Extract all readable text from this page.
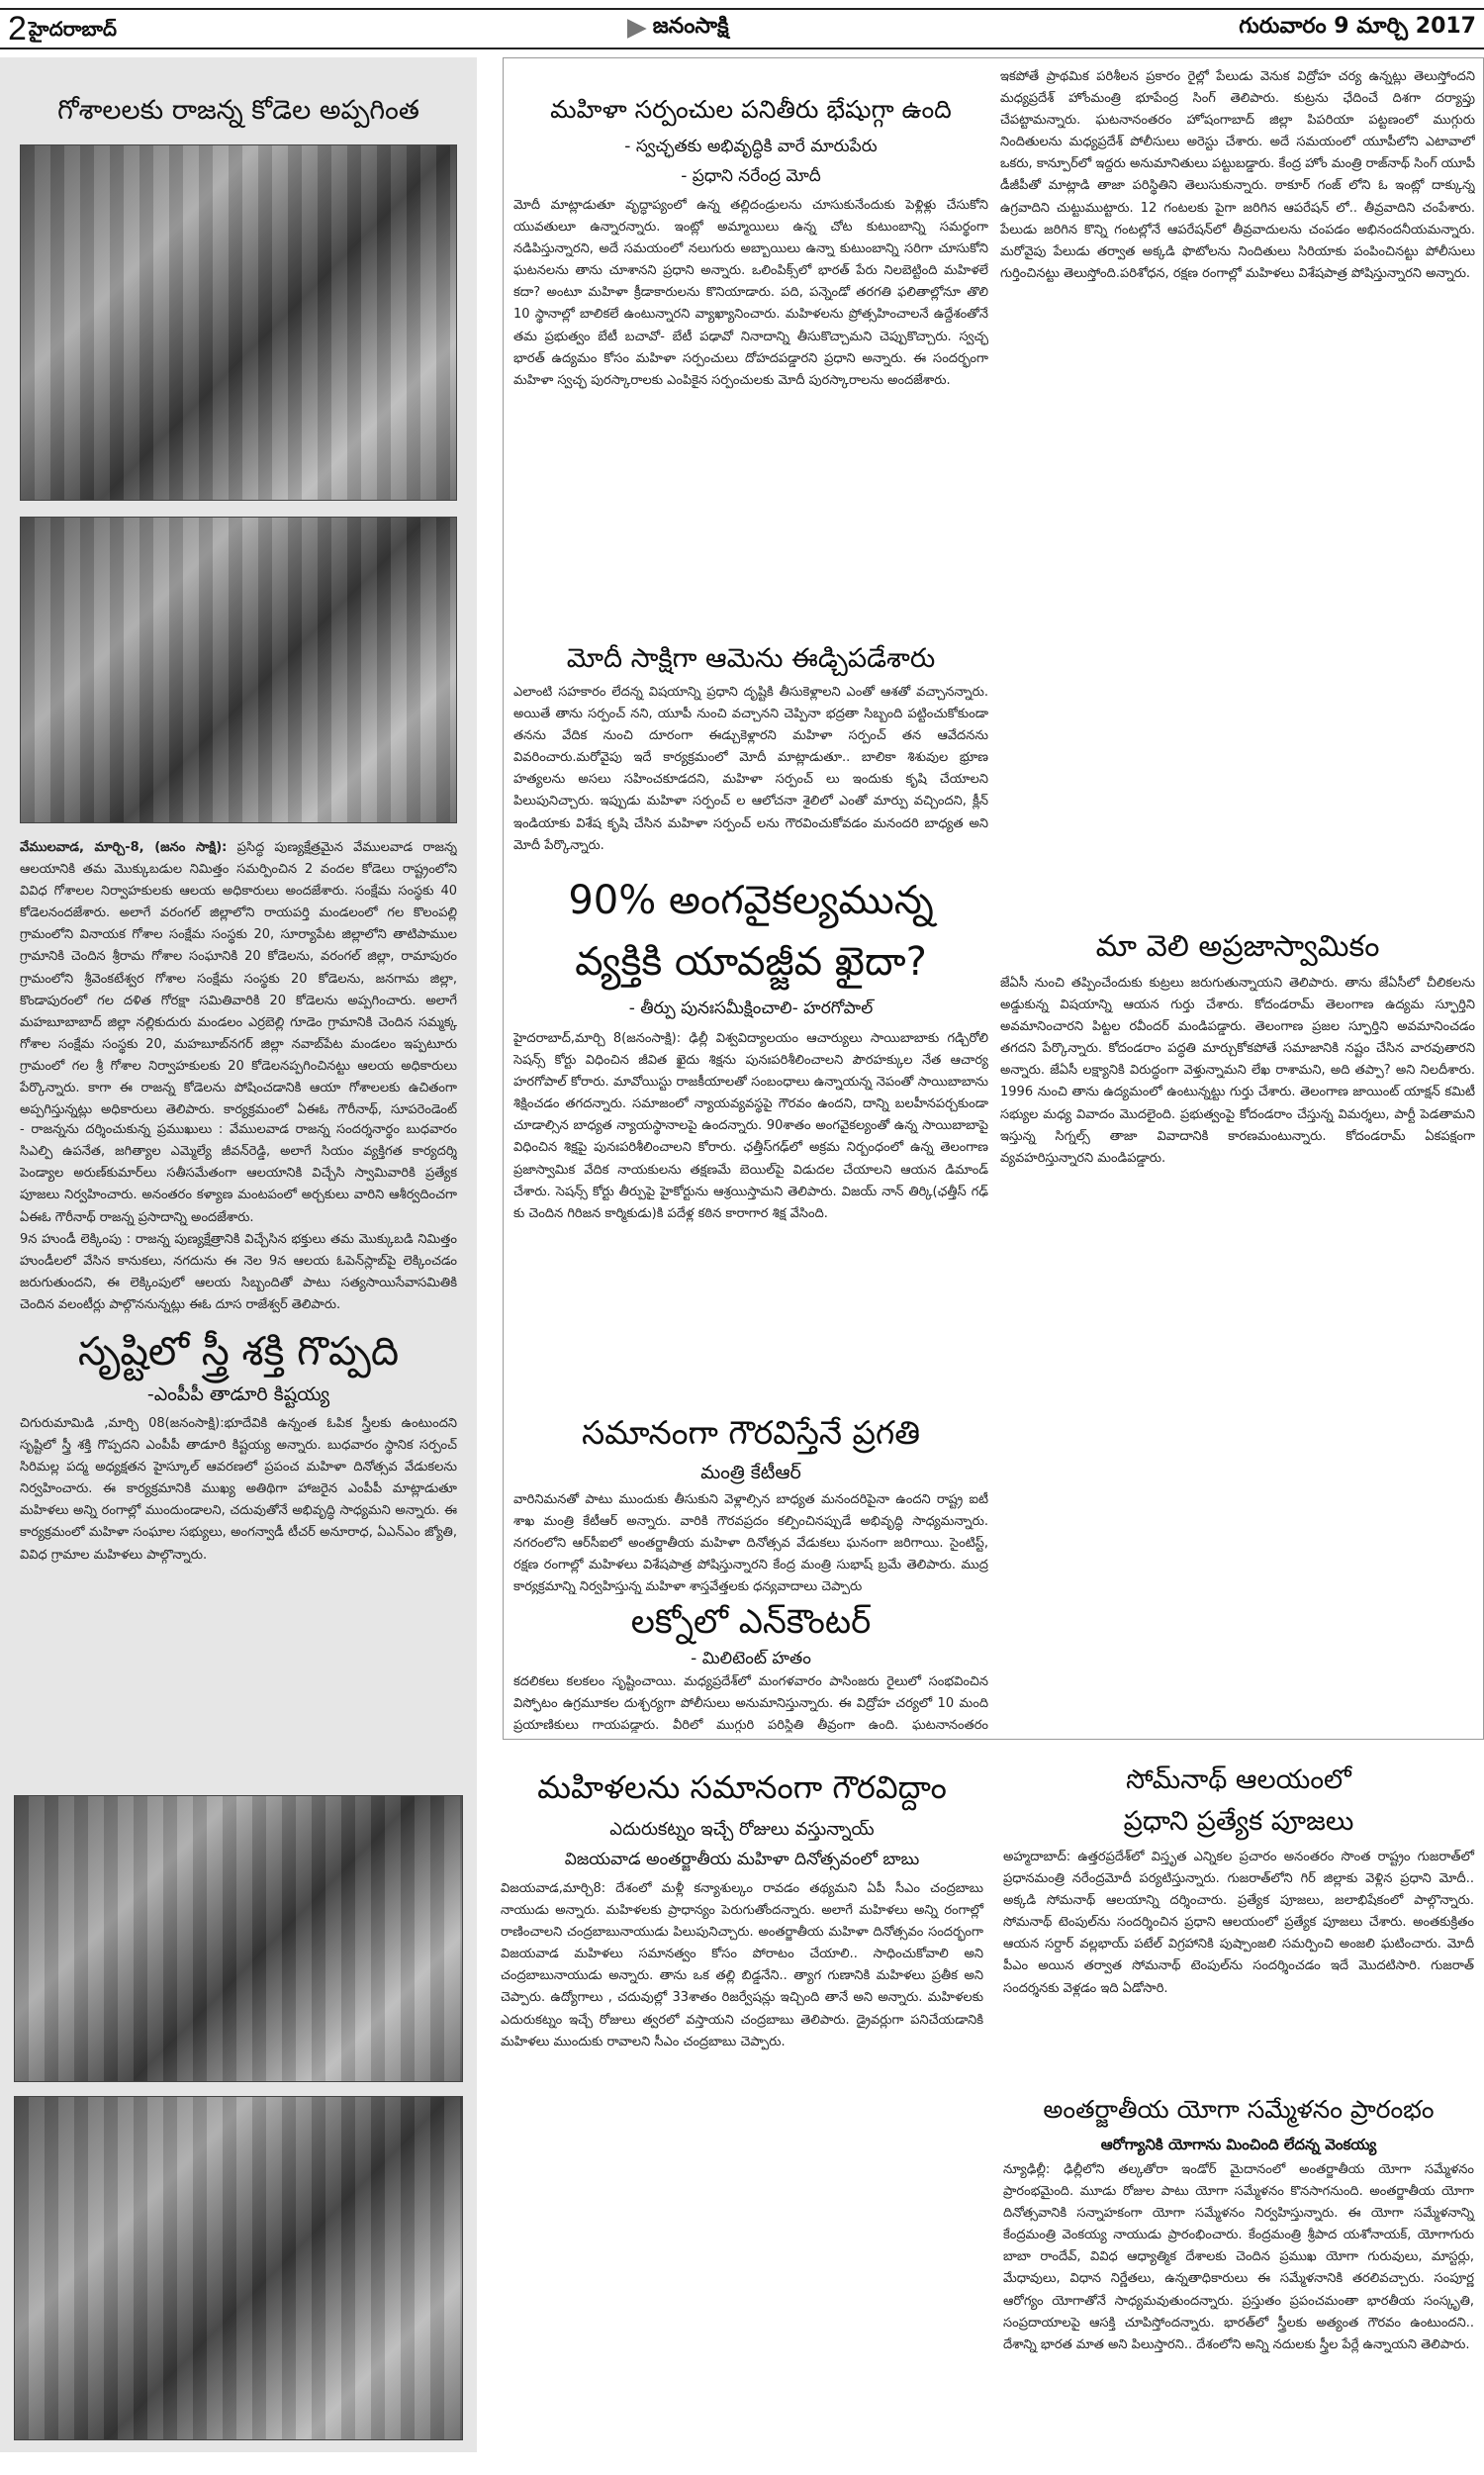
2 హైదరాబాద్	జనంసాక్షి	గురువారం 9 మార్చి 2017
గోశాలలకు రాజన్న కోడెల అప్పగింత
వేములవాడ, మార్చి-8, (జనం సాక్షి): ప్రసిద్ధ పుణ్యక్షేత్రమైన వేములవాడ రాజన్న ఆలయానికి తమ మొక్కుబడుల నిమిత్తం సమర్పించిన 2 వందల కోడెలు రాష్ట్రంలోని వివిధ గోశాలల నిర్వాహకులకు ఆలయ అధికారులు అందజేశారు. సంక్షేమ సంస్థకు 40 కోడెలనందజేశారు. అలాగే వరంగల్ జిల్లాలోని రాయపర్తి మండలంలో గల కొలంపల్లి గ్రామంలోని వినాయక గోశాల సంక్షేమ సంస్థకు 20, సూర్యాపేట జిల్లాలోని తాటిపాముల గ్రామానికి చెందిన శ్రీరామ గోశాల సంఘానికి 20 కోడెలను, వరంగల్ జిల్లా, రామాపురం గ్రామంలోని శ్రీవెంకటేశ్వర గోశాల సంక్షేమ సంస్థకు 20 కోడెలను, జనగామ జిల్లా, కొండాపురంలో గల దళిత గోరక్షా సమితివారికి 20 కోడెలను అప్పగించారు. అలాగే మహబూబాబాద్ జిల్లా నల్లికుదురు మండలం ఎర్రబెల్లి గూడెం గ్రామానికి చెందిన సమ్మక్క గోశాల సంక్షేమ సంస్థకు 20, మహబూబ్‌నగర్ జిల్లా నవాబ్‌పేట మండలం ఇప్పటూరు గ్రామంలో గల శ్రీ గోశాల నిర్వాహకులకు 20 కోడెలనప్పగించినట్టు ఆలయ అధికారులు పేర్కొన్నారు. కాగా ఈ రాజన్న కోడెలను పోషించడానికి ఆయా గోశాలలకు ఉచితంగా అప్పగిస్తున్నట్లు అధికారులు తెలిపారు. కార్యక్రమంలో ఏఈఓ గౌరీనాథ్, సూపరెండెంట్
- రాజన్నను దర్శించుకున్న ప్రముఖులు : వేములవాడ రాజన్న సందర్శనార్థం బుధవారం సిఎల్పి ఉపనేత, జగిత్యాల ఎమ్మెల్యే జీవన్‌రెడ్డి, అలాగే సియం వ్యక్తిగత కార్యదర్శి పెండ్యాల అరుణ్‌కుమార్‌లు సతీసమేతంగా ఆలయానికి విచ్చేసి స్వామివారికి ప్రత్యేక పూజలు నిర్వహించారు. అనంతరం కళ్యాణ మంటపంలో అర్చకులు వారిని ఆశీర్వదించగా ఏఈఓ గౌరీనాథ్ రాజన్న ప్రసాదాన్ని అందజేశారు.
9న హుండీ లెక్కింపు : రాజన్న పుణ్యక్షేత్రానికి విచ్చేసిన భక్తులు తమ మొక్కుబడి నిమిత్తం హుండీలలో వేసిన కానుకలు, నగదును ఈ నెల 9న ఆలయ ఓపెన్‌స్లాబ్‌పై లెక్కించడం జరుగుతుందని, ఈ లెక్కింపులో ఆలయ సిబ్బందితో పాటు సత్యసాయిసేవాసమితికి చెందిన వలంటీర్లు పాల్గొననున్నట్లు ఈఓ దూస రాజేశ్వర్ తెలిపారు.
సృష్టిలో స్త్రీ శక్తి గొప్పది
-ఎంపీపీ తాడూరి కిష్టయ్య
చిగురుమామిడి ,మార్చి 08(జనంసాక్షి):భూదేవికి ఉన్నంత ఓపిక స్త్రీలకు ఉంటుందని సృష్టిలో స్త్రీ శక్తి గొప్పదని ఎంపీపీ తాడూరి కిష్టయ్య అన్నారు. బుధవారం స్థానిక సర్పంచ్ సిరిమల్ల పద్మ అధ్యక్షతన హైస్కూల్ ఆవరణలో ప్రపంచ మహిళా దినోత్సవ వేడుకలను నిర్వహించారు. ఈ కార్యక్రమానికి ముఖ్య అతిథిగా హాజరైన ఎంపీపీ మాట్లాడుతూ మహిళలు అన్ని రంగాల్లో ముందుండాలని, చదువుతోనే అభివృద్ధి సాధ్యమని అన్నారు. ఈ కార్యక్రమంలో మహిళా సంఘాల సభ్యులు, అంగన్వాడీ టీచర్ అనూరాధ, ఏఎన్ఎం జ్యోతి, వివిధ గ్రామాల మహిళలు పాల్గొన్నారు.
మహిళా సర్పంచుల పనితీరు భేషుగ్గా ఉంది
- స్వచ్ఛతకు అభివృద్ధికి వారే మారుపేరు
- ప్రధాని నరేంద్ర మోదీ
మోదీ మాట్లాడుతూ వృద్ధాప్యంలో ఉన్న తల్లిదండ్రులను చూసుకునేందుకు పెళ్లిళ్లు చేసుకోని యువతులూ ఉన్నారన్నారు. ఇంట్లో అమ్మాయిలు ఉన్న చోట కుటుంబాన్ని సమర్థంగా నడిపిస్తున్నారని, అదే సమయంలో నలుగురు అబ్బాయిలు ఉన్నా కుటుంబాన్ని సరిగా చూసుకోని ఘటనలను తాను చూశానని ప్రధాని అన్నారు. ఒలింపిక్స్‌లో భారత్ పేరు నిలబెట్టింది మహిళలే కదా? అంటూ మహిళా క్రీడాకారులను కొనియాడారు. పది, పన్నెండో తరగతి ఫలితాల్లోనూ తొలి 10 స్థానాల్లో బాలికలే ఉంటున్నారని వ్యాఖ్యానించారు. మహిళలను ప్రోత్సహించాలనే ఉద్దేశంతోనే తమ ప్రభుత్వం బేటీ బచావో- బేటీ పఢావో నినాదాన్ని తీసుకొచ్చామని చెప్పుకొచ్చారు. స్వచ్ఛ భారత్ ఉద్యమం కోసం మహిళా సర్పంచులు దోహదపడ్డారని ప్రధాని అన్నారు. ఈ సందర్భంగా మహిళా స్వచ్ఛ పురస్కారాలకు ఎంపికైన సర్పంచులకు మోదీ పురస్కారాలను అందజేశారు.
మోదీ సాక్షిగా ఆమెను ఈడ్చిపడేశారు
ఎలాంటి సహకారం లేదన్న విషయాన్ని ప్రధాని దృష్టికి తీసుకెళ్లాలని ఎంతో ఆశతో వచ్చానన్నారు. అయితే తాను సర్పంచ్ నని, యూపీ నుంచి వచ్చానని చెప్పినా భద్రతా సిబ్బంది పట్టించుకోకుండా తనను వేదిక నుంచి దూరంగా ఈడ్చుకెళ్లారని మహిళా సర్పంచ్ తన ఆవేదనను వివరించారు.మరోవైపు ఇదే కార్యక్రమంలో మోదీ మాట్లాడుతూ.. బాలికా శిశువుల భ్రూణ హత్యలను అసలు సహించకూడదని, మహిళా సర్పంచ్ లు ఇందుకు కృషి చేయాలని పిలుపునిచ్చారు. ఇప్పుడు మహిళా సర్పంచ్ ల ఆలోచనా శైలిలో ఎంతో మార్పు వచ్చిందని, క్లీన్ ఇండియాకు విశేష కృషి చేసిన మహిళా సర్పంచ్ లను గౌరవించుకోవడం మనందరి బాధ్యత అని మోదీ పేర్కొన్నారు.
90% అంగవైకల్యమున్న
వ్యక్తికి యావజ్జీవ ఖైదా?
- తీర్పు పునఃసమీక్షించాలి- హరగోపాల్
హైదరాబాద్,మార్చి 8(జనంసాక్షి): ఢిల్లీ విశ్వవిద్యాలయం ఆచార్యులు సాయిబాబాకు గడ్చిరోలి సెషన్స్ కోర్టు విధించిన జీవిత ఖైదు శిక్షను పునఃపరిశీలించాలని పౌరహక్కుల నేత ఆచార్య హరగోపాల్ కోరారు. మావోయిస్టు రాజకీయాలతో సంబంధాలు ఉన్నాయన్న నెపంతో సాయిబాబాను శిక్షించడం తగదన్నారు. సమాజంలో న్యాయవ్యవస్థపై గౌరవం ఉందని, దాన్ని బలహీనపర్చకుండా చూడాల్సిన బాధ్యత న్యాయస్థానాలపై ఉందన్నారు. 90శాతం అంగవైకల్యంతో ఉన్న సాయిబాబాపై విధించిన శిక్షపై పునఃపరిశీలించాలని కోరారు. ఛత్తీస్‌గఢ్‌లో అక్రమ నిర్బంధంలో ఉన్న తెలంగాణ ప్రజాస్వామిక వేదిక నాయకులను తక్షణమే బెయిల్‌పై విడుదల చేయాలని ఆయన డిమాండ్ చేశారు. సెషన్స్ కోర్టు తీర్పుపై హైకోర్టును ఆశ్రయిస్తామని తెలిపారు. విజయ్ నాన్ తిర్కి(ఛత్తీస్ గఢ్ కు చెందిన గిరిజన కార్మికుడు)కి పదేళ్ల కఠిన కారాగార శిక్ష వేసింది.
సమానంగా గౌరవిస్తేనే ప్రగతి
మంత్రి కేటీఆర్
వారినిమనతో పాటు ముందుకు తీసుకుని వెళ్లాల్సిన బాధ్యత మనందరిపైనా ఉందని రాష్ట్ర ఐటీ శాఖ మంత్రి కేటీఆర్ అన్నారు. వారికి గౌరవప్రదం కల్పించినప్పుడే అభివృద్ధి సాధ్యమన్నారు. నగరంలోని ఆర్‌సీఐలో అంతర్జాతీయ మహిళా దినోత్సవ వేడుకలు ఘనంగా జరిగాయి. సైంటిస్ట్, రక్షణ రంగాల్లో మహిళలు విశేషపాత్ర పోషిస్తున్నారని కేంద్ర మంత్రి సుభాష్ బ్రమే తెలిపారు. ముద్ర కార్యక్రమాన్ని నిర్వహిస్తున్న మహిళా శాస్త్రవేత్తలకు ధన్యవాదాలు చెప్పారు
లక్నోలో ఎన్‌కౌంటర్
- మిలిటెంట్ హతం
కదలికలు కలకలం సృష్టించాయి. మధ్యప్రదేశ్‌లో మంగళవారం పాసింజరు రైలులో సంభవించిన విస్ఫోటం ఉగ్రమూకల దుశ్చర్యగా పోలీసులు అనుమానిస్తున్నారు. ఈ విద్రోహ చర్యలో 10 మంది ప్రయాణికులు గాయపడ్డారు. వీరిలో ముగ్గురి పరిస్థితి తీవ్రంగా ఉంది. ఘటనానంతరం
ఇకపోతే ప్రాథమిక పరిశీలన ప్రకారం రైల్లో పేలుడు వెనుక విద్రోహ చర్య ఉన్నట్లు తెలుస్తోందని మధ్యప్రదేశ్ హోంమంత్రి భూపేంద్ర సింగ్ తెలిపారు. కుట్రను ఛేదించే దిశగా దర్యాప్తు చేపట్టామన్నారు. ఘటనానంతరం హోషంగాబాద్ జిల్లా పిపరియా పట్టణంలో ముగ్గురు నిందితులను మధ్యప్రదేశ్ పోలీసులు అరెస్టు చేశారు. అదే సమయంలో యూపీలోని ఎటావాలో ఒకరు, కాన్పూర్‌లో ఇద్దరు అనుమానితులు పట్టుబడ్డారు. కేంద్ర హోం మంత్రి రాజ్‌నాథ్ సింగ్ యూపీ డీజీపీతో మాట్లాడి తాజా పరిస్థితిని తెలుసుకున్నారు. ఠాకూర్ గంజ్ లోని ఓ ఇంట్లో దాక్కున్న ఉగ్రవాదిని చుట్టుముట్టారు. 12 గంటలకు పైగా జరిగిన ఆపరేషన్ లో.. తీవ్రవాదిని చంపేశారు. పేలుడు జరిగిన కొన్ని గంటల్లోనే ఆపరేషన్‌లో తీవ్రవాదులను చంపడం అభినందనీయమన్నారు. మరోవైపు పేలుడు తర్వాత అక్కడి ఫొటోలను నిందితులు సిరియాకు పంపించినట్టు పోలీసులు గుర్తించినట్టు తెలుస్తోంది.పరిశోధన, రక్షణ రంగాల్లో మహిళలు విశేషపాత్ర పోషిస్తున్నారని అన్నారు.
మా వెలి అప్రజాస్వామికం
జేఏసీ నుంచి తప్పించేందుకు కుట్రలు జరుగుతున్నాయని తెలిపారు. తాను జేఏసీలో చీలికలను అడ్డుకున్న విషయాన్ని ఆయన గుర్తు చేశారు. కోదండరామ్ తెలంగాణ ఉద్యమ స్ఫూర్తిని అవమానించారని పిట్టల రవీందర్ మండిపడ్డారు. తెలంగాణ ప్రజల స్ఫూర్తిని అవమానించడం తగదని పేర్కొన్నారు. కోదండరాం పద్ధతి మార్చుకోకపోతే సమాజానికి నష్టం చేసిన వారవుతారని అన్నారు. జేఏసీ లక్ష్యానికి విరుద్ధంగా వెళ్తున్నామని లేఖ రాశామని, అది తప్పా? అని నిలదీశారు. 1996 నుంచి తాను ఉద్యమంలో ఉంటున్నట్టు గుర్తు చేశారు. తెలంగాణ జాయింట్ యాక్షన్ కమిటీ సభ్యుల మధ్య వివాదం మొదలైంది. ప్రభుత్వంపై కోదండరాం చేస్తున్న విమర్శలు, పార్టీ పెడతామని ఇస్తున్న సిగ్నల్స్ తాజా వివాదానికి కారణమంటున్నారు. కోదండరామ్ ఏకపక్షంగా వ్యవహరిస్తున్నారని మండిపడ్డారు.
మహిళలను సమానంగా గౌరవిద్దాం
ఎదురుకట్నం ఇచ్చే రోజులు వస్తున్నాయ్
విజయవాడ అంతర్జాతీయ మహిళా దినోత్సవంలో బాబు
విజయవాడ,మార్చి8: దేశంలో మళ్లీ కన్యాశుల్కం రావడం తథ్యమని ఏపీ సీఎం చంద్రబాబు నాయుడు అన్నారు. మహిళలకు ప్రాధాన్యం పెరుగుతోందన్నారు. అలాగే మహిళలు అన్ని రంగాల్లో రాణించాలని చంద్రబాబునాయుడు పిలుపునిచ్చారు. అంతర్జాతీయ మహిళా దినోత్సవం సందర్భంగా విజయవాడ మహిళలు సమానత్వం కోసం పోరాటం చేయాలి.. సాధించుకోవాలి అని చంద్రబాబునాయుడు అన్నారు. తాను ఒక తల్లి బిడ్డనేని.. త్యాగ గుణానికి మహిళలు ప్రతీక అని చెప్పారు. ఉద్యోగాలు , చదువుల్లో 33శాతం రిజర్వేషన్లు ఇచ్చింది తానే అని అన్నారు. మహిళలకు ఎదురుకట్నం ఇచ్చే రోజులు త్వరలో వస్తాయని చంద్రబాబు తెలిపారు. డ్రైవర్లుగా పనిచేయడానికి మహిళలు ముందుకు రావాలని సీఎం చంద్రబాబు చెప్పారు.
సోమ్‌నాథ్ ఆలయంలో
ప్రధాని ప్రత్యేక పూజలు
అహ్మదాబాద్: ఉత్తరప్రదేశ్‌లో విస్తృత ఎన్నికల ప్రచారం అనంతరం సొంత రాష్ట్రం గుజరాత్‌లో ప్రధానమంత్రి నరేంద్రమోదీ పర్యటిస్తున్నారు. గుజరాత్‌లోని గిర్ జిల్లాకు వెళ్లిన ప్రధాని మోదీ.. అక్కడి సోమనాథ్ ఆలయాన్ని దర్శించారు. ప్రత్యేక పూజలు, జలాభిషేకంలో పాల్గొన్నారు. సోమనాథ్ టెంపుల్‌ను సందర్శించిన ప్రధాని ఆలయంలో ప్రత్యేక పూజలు చేశారు. అంతకుక్రితం ఆయన సర్దార్ వల్లభాయ్ పటేల్ విగ్రహానికి పుష్పాంజలి సమర్పించి అంజలి ఘటించారు. మోదీ పీఎం అయిన తర్వాత సోమనాథ్ టెంపుల్‌ను సందర్శించడం ఇదే మొదటిసారి. గుజరాత్ సందర్శనకు వెళ్లడం ఇది ఏడోసారి.
అంతర్జాతీయ యోగా సమ్మేళనం ప్రారంభం
ఆరోగ్యానికి యోగాను మించింది లేదన్న వెంకయ్య
న్యూఢిల్లీ: ఢిల్లీలోని తల్కతోరా ఇండోర్ మైదానంలో అంతర్జాతీయ యోగా సమ్మేళనం ప్రారంభమైంది. మూడు రోజుల పాటు యోగా సమ్మేళనం కొనసాగనుంది. అంతర్జాతీయ యోగా దినోత్సవానికి సన్నాహకంగా యోగా సమ్మేళనం నిర్వహిస్తున్నారు. ఈ యోగా సమ్మేళనాన్ని కేంద్రమంత్రి వెంకయ్య నాయుడు ప్రారంభించారు. కేంద్రమంత్రి శ్రీపాద యశోనాయక్, యోగాగురు బాబా రాందేవ్, వివిధ ఆధ్యాత్మిక దేశాలకు చెందిన ప్రముఖ యోగా గురువులు, మాస్టర్లు, మేధావులు, విధాన నిర్ణేతలు, ఉన్నతాధికారులు ఈ సమ్మేళనానికి తరలివచ్చారు. సంపూర్ణ ఆరోగ్యం యోగాతోనే సాధ్యమవుతుందన్నారు. ప్రస్తుతం ప్రపంచమంతా భారతీయ సంస్కృతి, సంప్రదాయాలపై ఆసక్తి చూపిస్తోందన్నారు. భారత్‌లో స్త్రీలకు అత్యంత గౌరవం ఉంటుందని.. దేశాన్ని భారత మాత అని పిలుస్తారని.. దేశంలోని అన్ని నదులకు స్త్రీల పేర్లే ఉన్నాయని తెలిపారు.
